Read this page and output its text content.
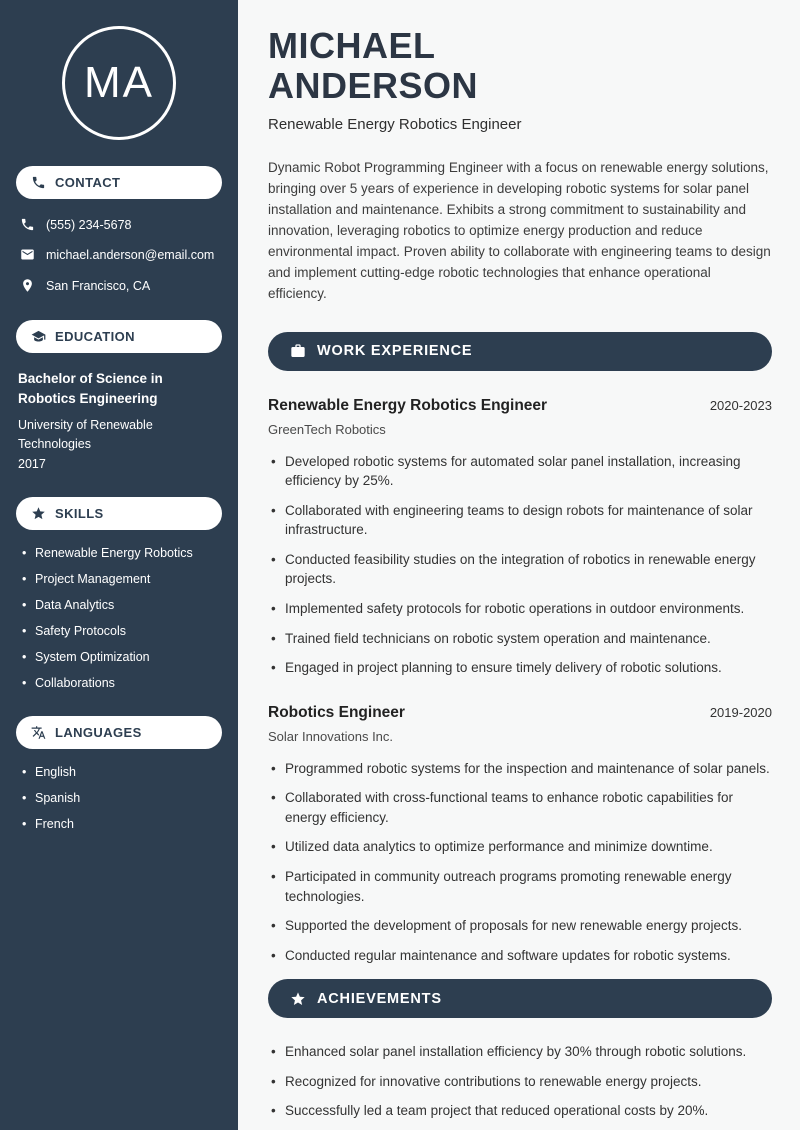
MA
CONTACT
(555) 234-5678
michael.anderson@email.com
San Francisco, CA
EDUCATION
Bachelor of Science in Robotics Engineering
University of Renewable Technologies
2017
SKILLS
• Renewable Energy Robotics
• Project Management
• Data Analytics
• Safety Protocols
• System Optimization
• Collaborations
LANGUAGES
• English
• Spanish
• French
MICHAEL
ANDERSON
Renewable Energy Robotics Engineer

Dynamic Robot Programming Engineer with a focus on renewable energy solutions, bringing over 5 years of experience in developing robotic systems for solar panel installation and maintenance. Exhibits a strong commitment to sustainability and innovation, leveraging robotics to optimize energy production and reduce environmental impact. Proven ability to collaborate with engineering teams to design and implement cutting-edge robotic technologies that enhance operational efficiency.

WORK EXPERIENCE
Renewable Energy Robotics Engineer	2020-2023
GreenTech Robotics
• Developed robotic systems for automated solar panel installation, increasing efficiency by 25%.
• Collaborated with engineering teams to design robots for maintenance of solar infrastructure.
• Conducted feasibility studies on the integration of robotics in renewable energy projects.
• Implemented safety protocols for robotic operations in outdoor environments.
• Trained field technicians on robotic system operation and maintenance.
• Engaged in project planning to ensure timely delivery of robotic solutions.
Robotics Engineer	2019-2020
Solar Innovations Inc.
• Programmed robotic systems for the inspection and maintenance of solar panels.
• Collaborated with cross-functional teams to enhance robotic capabilities for energy efficiency.
• Utilized data analytics to optimize performance and minimize downtime.
• Participated in community outreach programs promoting renewable energy technologies.
• Supported the development of proposals for new renewable energy projects.
• Conducted regular maintenance and software updates for robotic systems.
ACHIEVEMENTS
• Enhanced solar panel installation efficiency by 30% through robotic solutions.
• Recognized for innovative contributions to renewable energy projects.
• Successfully led a team project that reduced operational costs by 20%.
